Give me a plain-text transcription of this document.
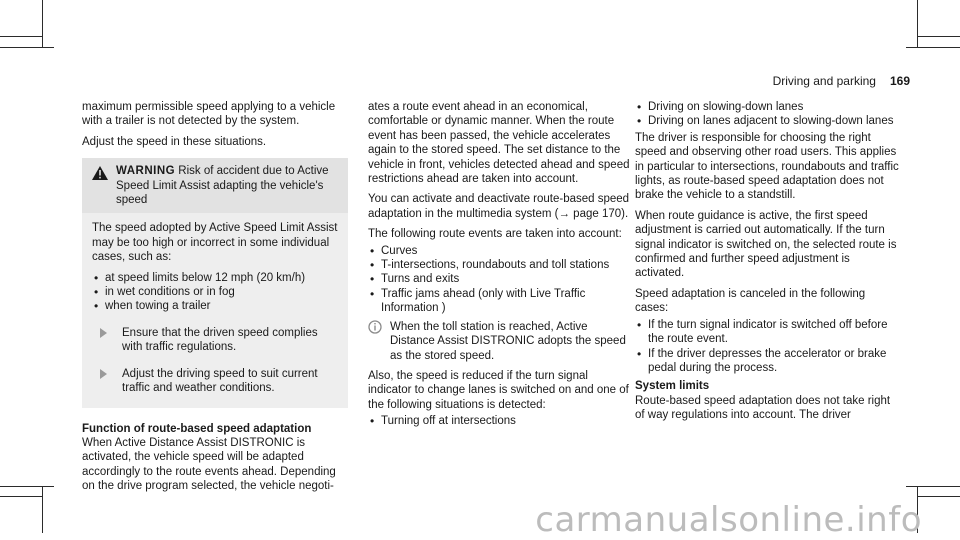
Driving and parking 169

maximum permissible speed applying to a vehicle with a trailer is not detected by the system.

Adjust the speed in these situations.

WARNING Risk of accident due to Active Speed Limit Assist adapting the vehicle's speed

The speed adopted by Active Speed Limit Assist may be too high or incorrect in some individual cases, such as:

• at speed limits below 12 mph (20 km/h)
• in wet conditions or in fog
• when towing a trailer
Ensure that the driven speed complies with traffic regulations.
Adjust the driving speed to suit current traffic and weather conditions.
Function of route-based speed adaptation

When Active Distance Assist DISTRONIC is activated, the vehicle speed will be adapted accordingly to the route events ahead. Depending on the drive program selected, the vehicle negoti-

ates a route event ahead in an economical, comfortable or dynamic manner. When the route event has been passed, the vehicle accelerates again to the stored speed. The set distance to the vehicle in front, vehicles detected ahead and speed restrictions ahead are taken into account.

You can activate and deactivate route-based speed adaptation in the multimedia system (→ page 170).

The following route events are taken into account:

• Curves
• T-intersections, roundabouts and toll stations
• Turns and exits
• Traffic jams ahead (only with Live Traffic Information )
When the toll station is reached, Active Distance Assist DISTRONIC adopts the speed as the stored speed.

Also, the speed is reduced if the turn signal indicator to change lanes is switched on and one of the following situations is detected:

• Turning off at intersections
• Driving on slowing-down lanes
• Driving on lanes adjacent to slowing-down lanes

The driver is responsible for choosing the right speed and observing other road users. This applies in particular to intersections, roundabouts and traffic lights, as route-based speed adaptation does not brake the vehicle to a standstill.

When route guidance is active, the first speed adjustment is carried out automatically. If the turn signal indicator is switched on, the selected route is confirmed and further speed adjustment is activated.

Speed adaptation is canceled in the following cases:

• If the turn signal indicator is switched off before the route event.
• If the driver depresses the accelerator or brake pedal during the process.
System limits

Route-based speed adaptation does not take right of way regulations into account. The driver

carmanualsonline.info
